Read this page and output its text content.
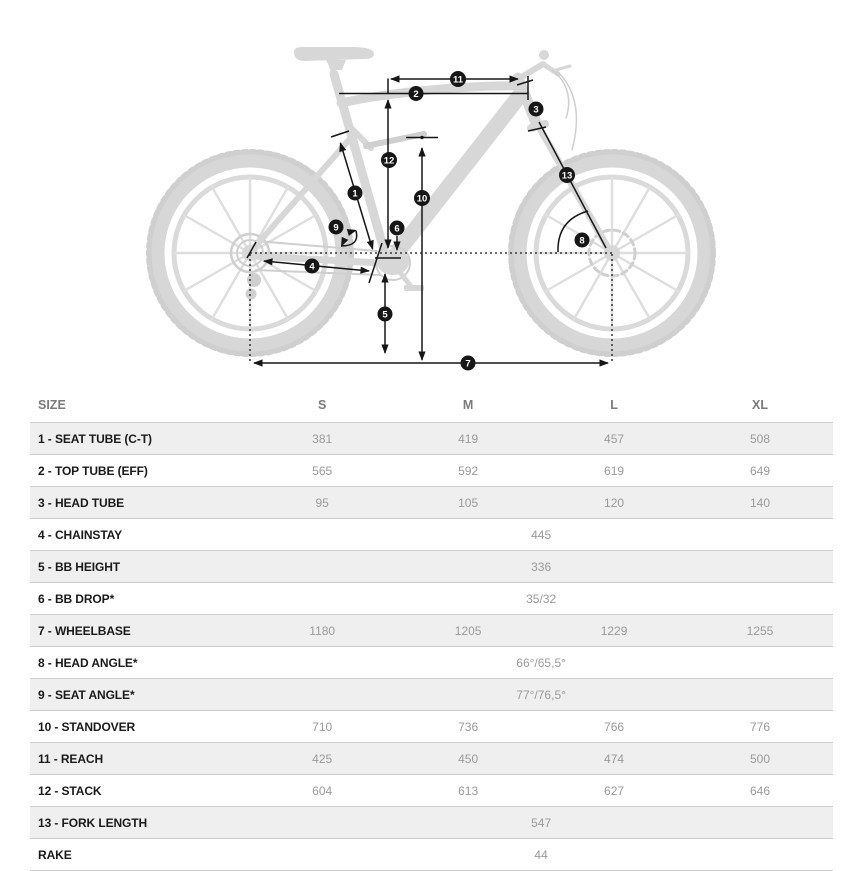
1
2
3
4
5
6
7
8
9
10
11
12
13
SIZE	S	M	L	XL
1 - SEAT TUBE (C-T)	381	419	457	508
2 - TOP TUBE (EFF)	565	592	619	649
3 - HEAD TUBE	95	105	120	140
4 - CHAINSTAY	445			
5 - BB HEIGHT	336			
6 - BB DROP*	35/32			
7 - WHEELBASE	1180	1205	1229	1255
8 - HEAD ANGLE*	66°/65,5°			
9 - SEAT ANGLE*	77°/76,5°			
10 - STANDOVER	710	736	766	776
11 - REACH	425	450	474	500
12 - STACK	604	613	627	646
13 - FORK LENGTH	547			
RAKE	44			
